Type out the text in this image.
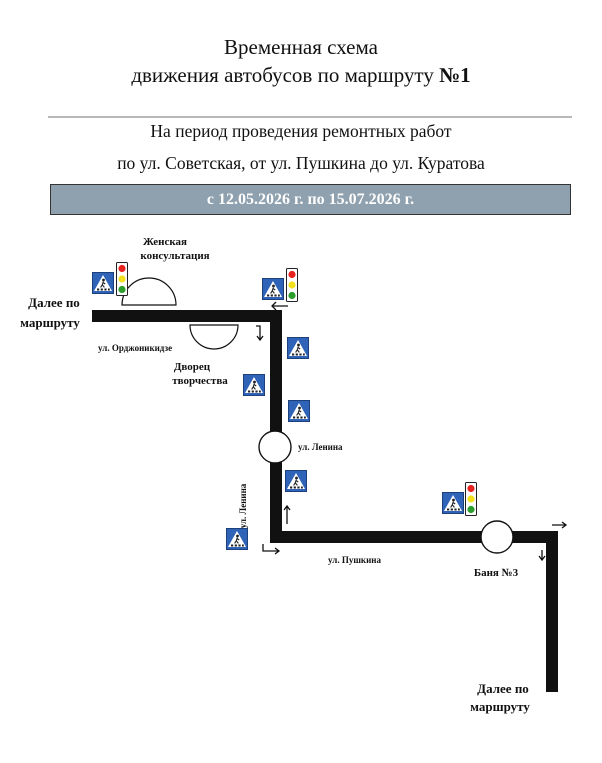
Временная схема
движения автобусов по маршруту №1
На период проведения ремонтных работ
по ул. Советская, от ул. Пушкина до ул. Куратова
с 12.05.2026 г. по 15.07.2026 г.
Далее по
маршруту
Далее по
маршруту
Женская
консультация
Дворец
творчества
Баня №3
ул. Орджоникидзе
ул. Ленина
ул. Ленина
ул. Пушкина
